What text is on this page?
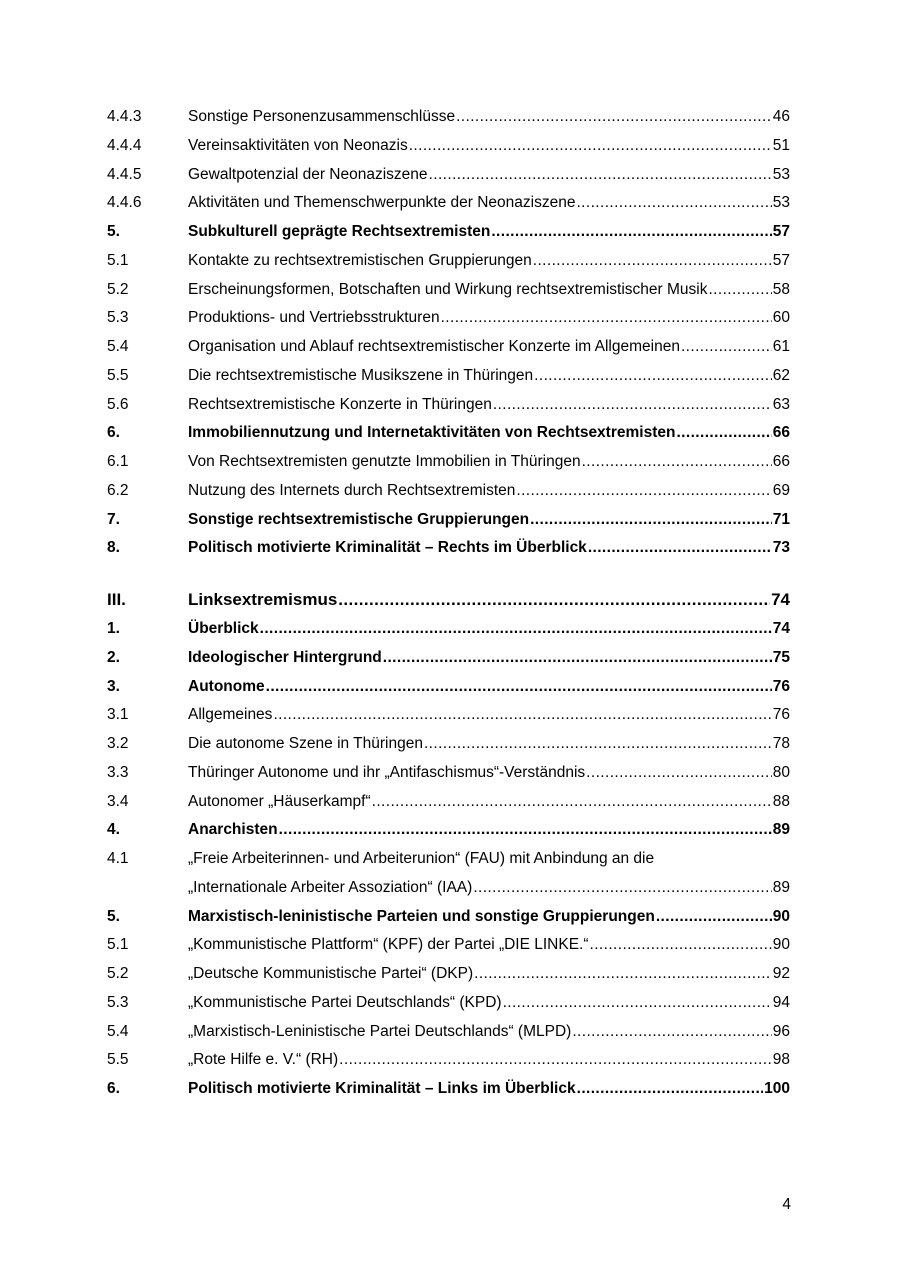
4.4.3	Sonstige Personenzusammenschlüsse .....	46
4.4.4	Vereinsaktivitäten von Neonazis .....	51
4.4.5	Gewaltpotenzial der Neonaziszene .....	53
4.4.6	Aktivitäten und Themenschwerpunkte der Neonaziszene .....	53
5.	Subkulturell geprägte Rechtsextremisten .....	57
5.1	Kontakte zu rechtsextremistischen Gruppierungen .....	57
5.2	Erscheinungsformen, Botschaften und Wirkung rechtsextremistischer Musik .....	58
5.3	Produktions- und Vertriebsstrukturen .....	60
5.4	Organisation und Ablauf rechtsextremistischer Konzerte im Allgemeinen .....	61
5.5	Die rechtsextremistische Musikszene in Thüringen .....	62
5.6	Rechtsextremistische Konzerte in Thüringen .....	63
6.	Immobiliennutzung und Internetaktivitäten von Rechtsextremisten .....	66
6.1	Von Rechtsextremisten genutzte Immobilien in Thüringen .....	66
6.2	Nutzung des Internets durch Rechtsextremisten .....	69
7.	Sonstige rechtsextremistische Gruppierungen .....	71
8.	Politisch motivierte Kriminalität – Rechts im Überblick .....	73
III.	Linksextremismus .....	74
1.	Überblick .....	74
2.	Ideologischer Hintergrund .....	75
3.	Autonome .....	76
3.1	Allgemeines .....	76
3.2	Die autonome Szene in Thüringen .....	78
3.3	Thüringer Autonome und ihr „Antifaschismus“-Verständnis .....	80
3.4	Autonomer „Häuserkampf“ .....	88
4.	Anarchisten .....	89
4.1	„Freie Arbeiterinnen- und Arbeiterunion“ (FAU) mit Anbindung an die
„Internationale Arbeiter Assoziation“ (IAA) .....	89
5.	Marxistisch-leninistische Parteien und sonstige Gruppierungen .....	90
5.1	„Kommunistische Plattform“ (KPF) der Partei „DIE LINKE.“ .....	90
5.2	„Deutsche Kommunistische Partei“ (DKP) .....	92
5.3	„Kommunistische Partei Deutschlands“ (KPD) .....	94
5.4	„Marxistisch-Leninistische Partei Deutschlands“ (MLPD) .....	96
5.5	„Rote Hilfe e. V.“ (RH) .....	98
6.	Politisch motivierte Kriminalität – Links im Überblick .....	100
4
